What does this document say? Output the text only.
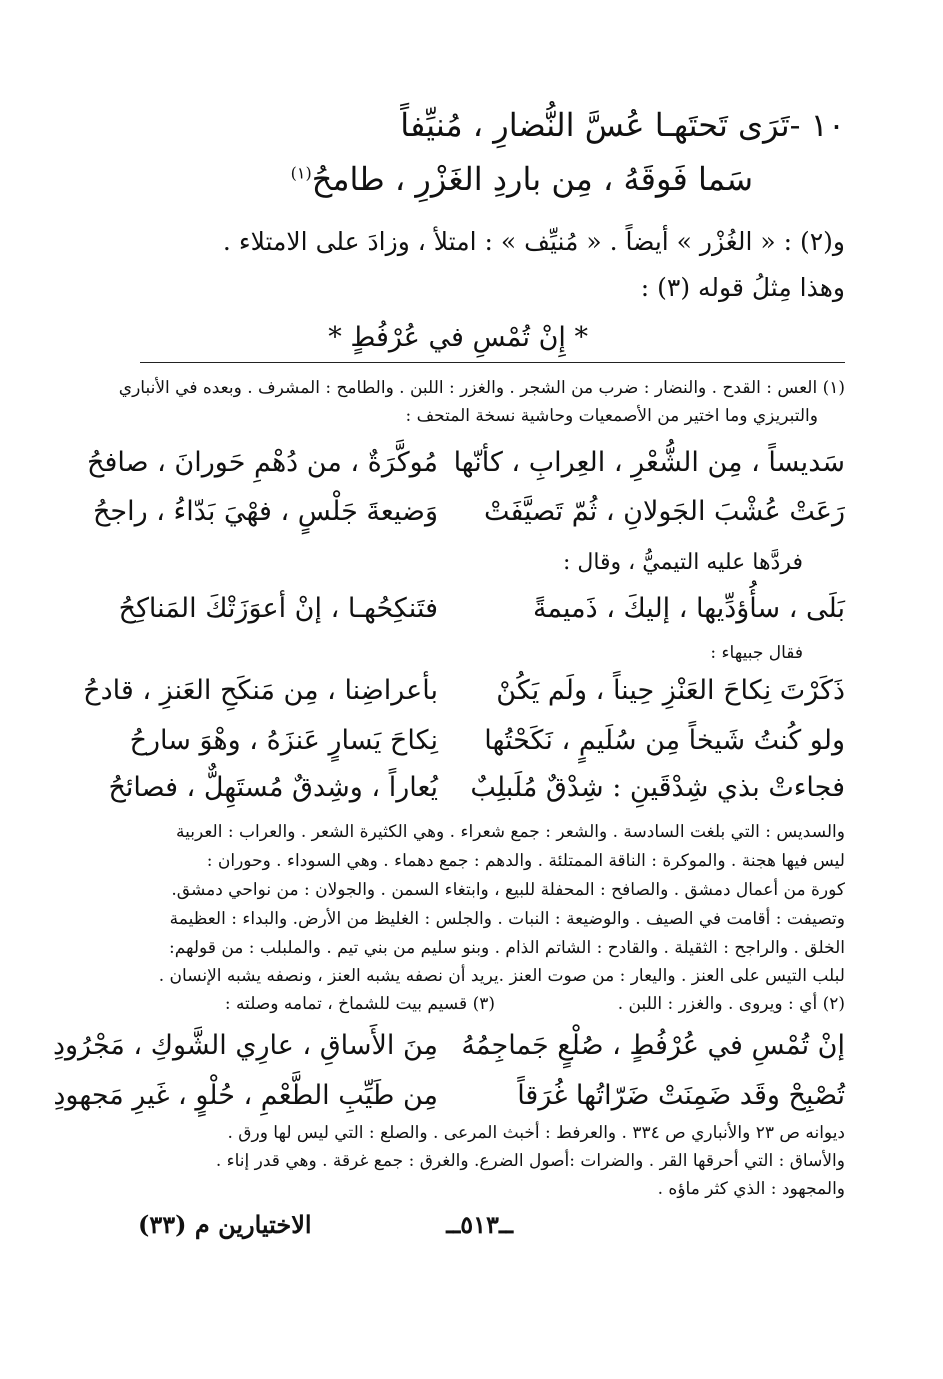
١٠ -تَرَى تَحتَهـا عُسَّ النُّضارِ ، مُنيِّفاً
سَما فَوقَهُ ، مِن باردِ الغَزْرِ ، طامحُ$^{(١)}$
و(٢) : « الغُزْر » أيضاً . « مُنيِّف » : امتلأ ، وزادَ على الامتلاء .
وهذا مِثلُ قوله (٣) :
* إِنْ تُمْسِ في عُرْفُطٍ *
(١) العس : القدح . والنضار : ضرب من الشجر . والغزر : اللبن . والطامح : المشرف . وبعده في الأنباري
والتبريزي وما اختير من الأصمعيات وحاشية نسخة المتحف :
سَديساً ، مِن الشُّعْرِ ، العِرابِ ، كأنّها
مُوكَّرَةٌ ، من دُهْمِ حَورانَ ، صافحُ
رَعَتْ عُشْبَ الجَولانِ ، ثُمّ تَصيَّفَتْ
وَضيعةَ جَلْسٍ ، فهْيَ بَدّاءُ ، راجحُ
فردَّها عليه التيميُّ ، وقال :
بَلَى ، سأُؤدِّيها ، إليكَ ، ذَميمةً
فتَنكِحُهـا ، إنْ أعوَزَتْكَ المَناكِحُ
فقال جبيهاء :
ذَكَرْتَ نِكاحَ العَنْزِ حِيناً ، ولَم يَكُنْ
بأعراضِنا ، مِن مَنكَحِ العَنزِ ، قادحُ
ولو كُنتُ شَيخاً مِن سُلَيمٍ ، نَكَحْتُها
نِكاحَ يَسارٍ عَنزَهُ ، وهْوَ سارحُ
فجاءتْ بذي شِدْقَينِ : شِدْقٌ مُلَبلِبٌ
يُعاراً ، وشِدقٌ مُستَهِلٌّ ، فصائحُ
والسديس : التي بلغت السادسة . والشعر : جمع شعراء . وهي الكثيرة الشعر . والعراب : العربية
ليس فيها هجنة . والموكرة : الناقة الممتلئة . والدهم : جمع دهماء . وهي السوداء . وحوران :
كورة من أعمال دمشق . والصافح : المحفلة للبيع ، وابتغاء السمن . والجولان : من نواحي دمشق.
وتصيفت : أقامت في الصيف . والوضيعة : النبات . والجلس : الغليظ من الأرض. والبداء : العظيمة
الخلق . والراجح : الثقيلة . والقادح : الشاتم الذام . وبنو سليم من بني تيم . والملبلب : من قولهم:
لبلب التيس على العنز . واليعار : من صوت العنز .يريد أن نصفه يشبه العنز ، ونصفه يشبه الإنسان .
(٢) أي : ويروى . والغزر : اللبن .
(٣) قسيم بيت للشماخ ، تمامه وصلته :
إنْ تُمْسِ في عُرْفُطٍ ، صُلْعٍ جَماجِمُهُ
مِنَ الأَساقِ ، عارِي الشَّوكِ ، مَجْرُودِ
تُصْبِحْ وقَد ضَمِنَتْ ضَرّاتُها غُرَقاً
مِن طَيِّبِ الطَّعْمِ ، حُلْوٍ ، غَيرِ مَجهودِ
ديوانه ص ٢٣ والأنباري ص ٣٣٤ . والعرفط : أخبث المرعى . والصلع : التي ليس لها ورق .
والأساق : التي أحرقها القر . والضرات :أصول الضرع. والغرق : جمع غرقة . وهي قدر إناء .
والمجهود : الذي كثر ماؤه .
ــ٥١٣ــ
الاختيارين م (٣٣)
